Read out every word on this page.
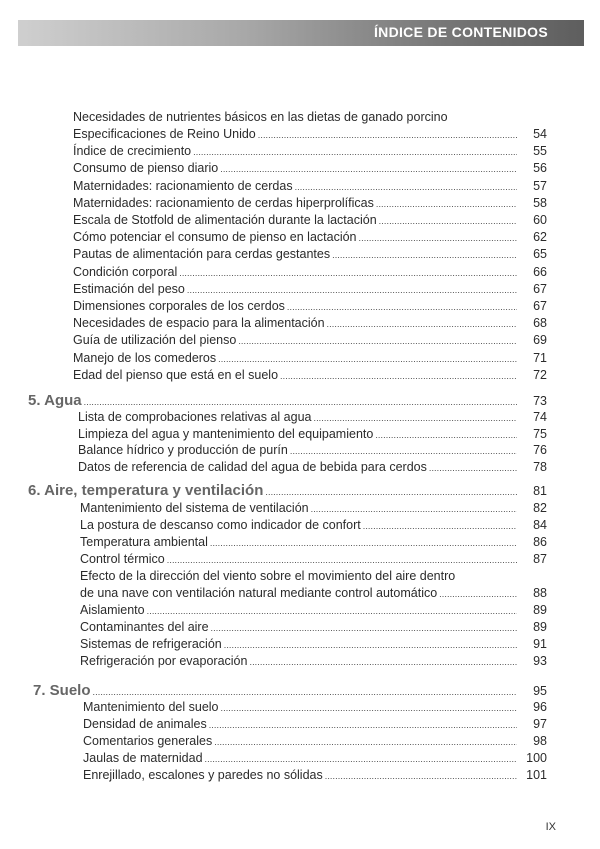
ÍNDICE DE CONTENIDOS
Necesidades de nutrientes básicos en las dietas de ganado porcino
Especificaciones de Reino Unido . . .	54
Índice de crecimiento . . .	55
Consumo de pienso diario . . .	56
Maternidades: racionamiento de cerdas . . .	57
Maternidades: racionamiento de cerdas hiperprolíficas . . .	58
Escala de Stotfold de alimentación durante la lactación . . .	60
Cómo potenciar el consumo de pienso en lactación . . .	62
Pautas de alimentación para cerdas gestantes . . .	65
Condición corporal . . .	66
Estimación del peso . . .	67
Dimensiones corporales de los cerdos . . .	67
Necesidades de espacio para la alimentación . . .	68
Guía de utilización del pienso . . .	69
Manejo de los comederos . . .	71
Edad del pienso que está en el suelo . . .	72
5. Agua . . .	73
Lista de comprobaciones relativas al agua . . .	74
Limpieza del agua y mantenimiento del equipamiento . . .	75
Balance hídrico y producción de purín . . .	76
Datos de referencia de calidad del agua de bebida para cerdos . . .	78
6. Aire, temperatura y ventilación . . .	81
Mantenimiento del sistema de ventilación . . .	82
La postura de descanso como indicador de confort . . .	84
Temperatura ambiental . . .	86
Control térmico . . .	87
Efecto de la dirección del viento sobre el movimiento del aire dentro
de una nave con ventilación natural mediante control automático . . .	88
Aislamiento . . .	89
Contaminantes del aire . . .	89
Sistemas de refrigeración . . .	91
Refrigeración por evaporación . . .	93
7. Suelo . . .	95
Mantenimiento del suelo . . .	96
Densidad de animales . . .	97
Comentarios generales . . .	98
Jaulas de maternidad . . .	100
Enrejillado, escalones y paredes no sólidas . . .	101
IX
